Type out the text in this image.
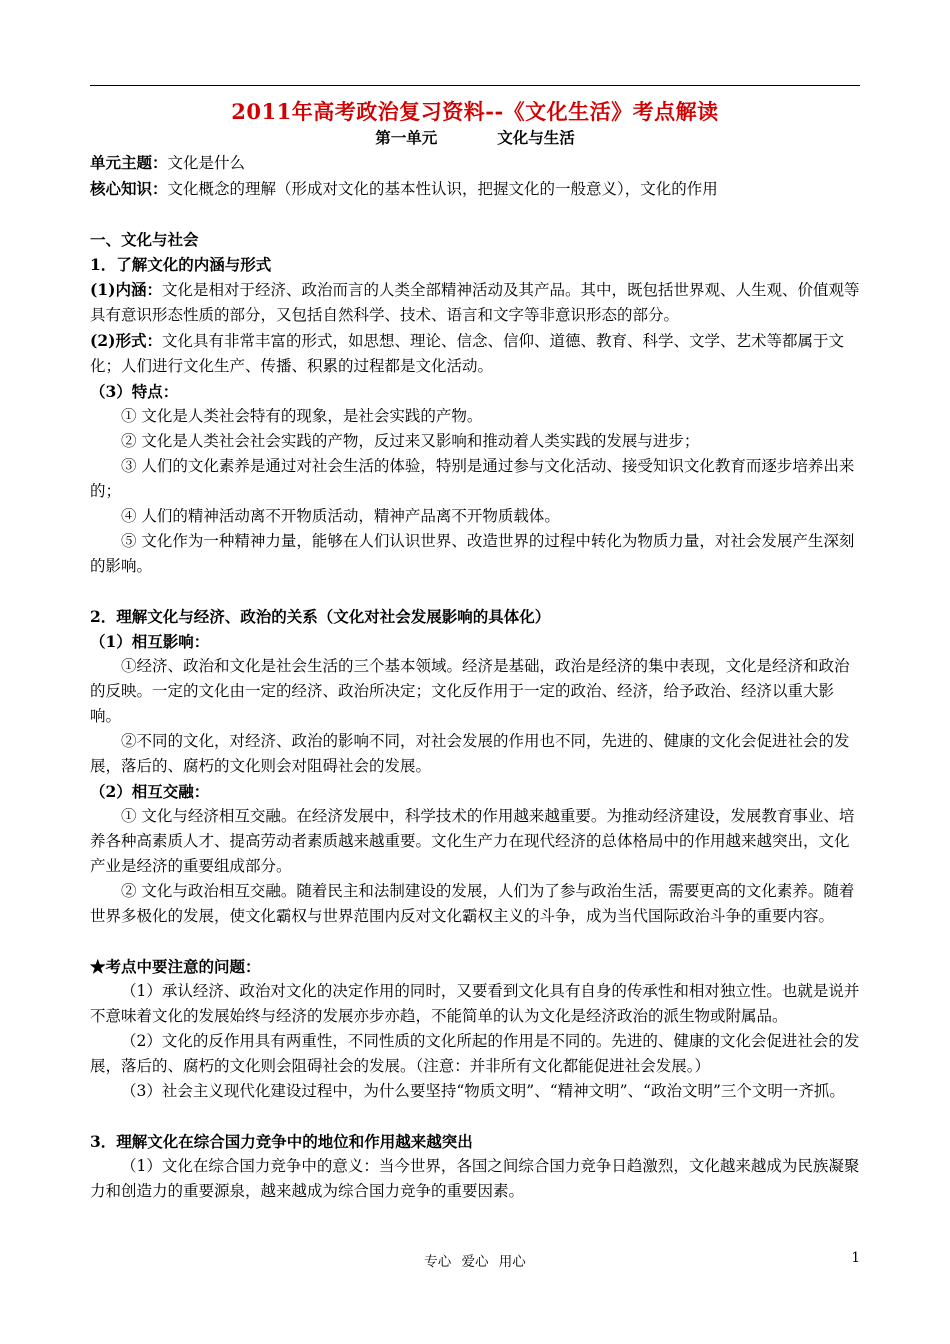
2011年高考政治复习资料--《文化生活》考点解读
第一单元	文化与生活

单元主题：文化是什么

核心知识：文化概念的理解（形成对文化的基本性认识，把握文化的一般意义），文化的作用

一、文化与社会

1．了解文化的内涵与形式

(1)内涵：文化是相对于经济、政治而言的人类全部精神活动及其产品。其中，既包括世界观、人生观、价值观等具有意识形态性质的部分，又包括自然科学、技术、语言和文字等非意识形态的部分。

(2)形式：文化具有非常丰富的形式，如思想、理论、信念、信仰、道德、教育、科学、文学、艺术等都属于文化；人们进行文化生产、传播、积累的过程都是文化活动。

（3）特点：

① 文化是人类社会特有的现象，是社会实践的产物。

② 文化是人类社会社会实践的产物，反过来又影响和推动着人类实践的发展与进步；

③ 人们的文化素养是通过对社会生活的体验，特别是通过参与文化活动、接受知识文化教育而逐步培养出来的；

④ 人们的精神活动离不开物质活动，精神产品离不开物质载体。

⑤ 文化作为一种精神力量，能够在人们认识世界、改造世界的过程中转化为物质力量，对社会发展产生深刻的影响。

2．理解文化与经济、政治的关系（文化对社会发展影响的具体化）

（1）相互影响：

①经济、政治和文化是社会生活的三个基本领域。经济是基础，政治是经济的集中表现，文化是经济和政治的反映。一定的文化由一定的经济、政治所决定；文化反作用于一定的政治、经济，给予政治、经济以重大影响。

②不同的文化，对经济、政治的影响不同，对社会发展的作用也不同，先进的、健康的文化会促进社会的发展，落后的、腐朽的文化则会对阻碍社会的发展。

（2）相互交融：

① 文化与经济相互交融。在经济发展中，科学技术的作用越来越重要。为推动经济建设，发展教育事业、培养各种高素质人才、提高劳动者素质越来越重要。文化生产力在现代经济的总体格局中的作用越来越突出，文化产业是经济的重要组成部分。

② 文化与政治相互交融。随着民主和法制建设的发展，人们为了参与政治生活，需要更高的文化素养。随着世界多极化的发展，使文化霸权与世界范围内反对文化霸权主义的斗争，成为当代国际政治斗争的重要内容。

★考点中要注意的问题：

（1）承认经济、政治对文化的决定作用的同时，又要看到文化具有自身的传承性和相对独立性。也就是说并不意味着文化的发展始终与经济的发展亦步亦趋，不能简单的认为文化是经济政治的派生物或附属品。

（2）文化的反作用具有两重性，不同性质的文化所起的作用是不同的。先进的、健康的文化会促进社会的发展，落后的、腐朽的文化则会阻碍社会的发展。（注意：并非所有文化都能促进社会发展。）

（3）社会主义现代化建设过程中，为什么要坚持“物质文明”、“精神文明”、“政治文明”三个文明一齐抓。

3．理解文化在综合国力竞争中的地位和作用越来越突出

（1）文化在综合国力竞争中的意义：当今世界，各国之间综合国力竞争日趋激烈，文化越来越成为民族凝聚力和创造力的重要源泉，越来越成为综合国力竞争的重要因素。

专心 爱心 用心	1
